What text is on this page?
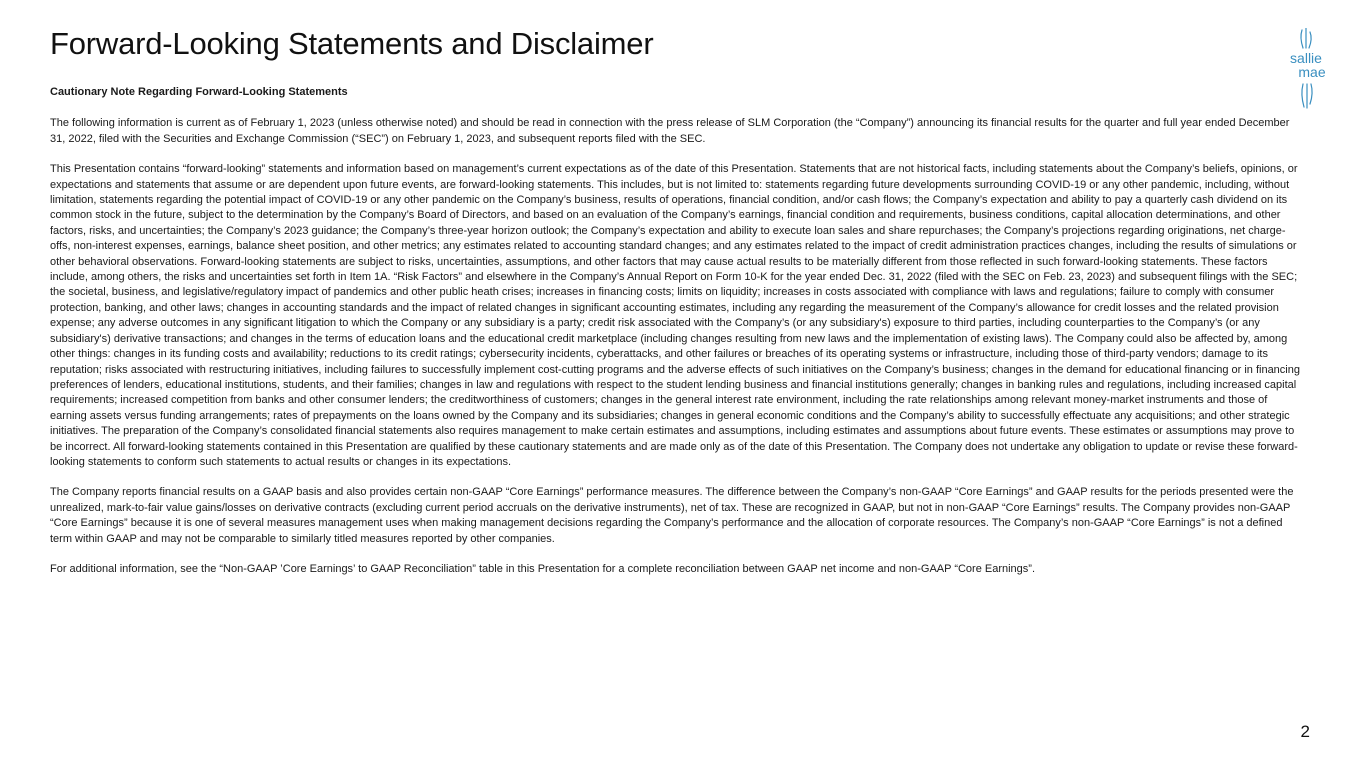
Forward-Looking Statements and Disclaimer	sallie
mae

Cautionary Note Regarding Forward-Looking Statements

The following information is current as of February 1, 2023 (unless otherwise noted) and should be read in connection with the press release of SLM Corporation (the “Company”) announcing its financial results for the quarter and full year ended December 31, 2022, filed with the Securities and Exchange Commission (“SEC”) on February 1, 2023, and subsequent reports filed with the SEC.

This Presentation contains “forward-looking” statements and information based on management’s current expectations as of the date of this Presentation. Statements that are not historical facts, including statements about the Company’s beliefs, opinions, or expectations and statements that assume or are dependent upon future events, are forward-looking statements. This includes, but is not limited to: statements regarding future developments surrounding COVID-19 or any other pandemic, including, without limitation, statements regarding the potential impact of COVID-19 or any other pandemic on the Company’s business, results of operations, financial condition, and/or cash flows; the Company’s expectation and ability to pay a quarterly cash dividend on its common stock in the future, subject to the determination by the Company’s Board of Directors, and based on an evaluation of the Company’s earnings, financial condition and requirements, business conditions, capital allocation determinations, and other factors, risks, and uncertainties; the Company’s 2023 guidance; the Company’s three-year horizon outlook; the Company’s expectation and ability to execute loan sales and share repurchases; the Company’s projections regarding originations, net charge-offs, non-interest expenses, earnings, balance sheet position, and other metrics; any estimates related to accounting standard changes; and any estimates related to the impact of credit administration practices changes, including the results of simulations or other behavioral observations. Forward-looking statements are subject to risks, uncertainties, assumptions, and other factors that may cause actual results to be materially different from those reflected in such forward-looking statements. These factors include, among others, the risks and uncertainties set forth in Item 1A. “Risk Factors” and elsewhere in the Company’s Annual Report on Form 10-K for the year ended Dec. 31, 2022 (filed with the SEC on Feb. 23, 2023) and subsequent filings with the SEC; the societal, business, and legislative/regulatory impact of pandemics and other public heath crises; increases in financing costs; limits on liquidity; increases in costs associated with compliance with laws and regulations; failure to comply with consumer protection, banking, and other laws; changes in accounting standards and the impact of related changes in significant accounting estimates, including any regarding the measurement of the Company’s allowance for credit losses and the related provision expense; any adverse outcomes in any significant litigation to which the Company or any subsidiary is a party; credit risk associated with the Company’s (or any subsidiary's) exposure to third parties, including counterparties to the Company’s (or any subsidiary's) derivative transactions; and changes in the terms of education loans and the educational credit marketplace (including changes resulting from new laws and the implementation of existing laws). The Company could also be affected by, among other things: changes in its funding costs and availability; reductions to its credit ratings; cybersecurity incidents, cyberattacks, and other failures or breaches of its operating systems or infrastructure, including those of third-party vendors; damage to its reputation; risks associated with restructuring initiatives, including failures to successfully implement cost-cutting programs and the adverse effects of such initiatives on the Company’s business; changes in the demand for educational financing or in financing preferences of lenders, educational institutions, students, and their families; changes in law and regulations with respect to the student lending business and financial institutions generally; changes in banking rules and regulations, including increased capital requirements; increased competition from banks and other consumer lenders; the creditworthiness of customers; changes in the general interest rate environment, including the rate relationships among relevant money-market instruments and those of earning assets versus funding arrangements; rates of prepayments on the loans owned by the Company and its subsidiaries; changes in general economic conditions and the Company’s ability to successfully effectuate any acquisitions; and other strategic initiatives. The preparation of the Company’s consolidated financial statements also requires management to make certain estimates and assumptions, including estimates and assumptions about future events. These estimates or assumptions may prove to be incorrect. All forward-looking statements contained in this Presentation are qualified by these cautionary statements and are made only as of the date of this Presentation. The Company does not undertake any obligation to update or revise these forward-looking statements to conform such statements to actual results or changes in its expectations.

The Company reports financial results on a GAAP basis and also provides certain non-GAAP “Core Earnings” performance measures. The difference between the Company’s non-GAAP “Core Earnings” and GAAP results for the periods presented were the unrealized, mark-to-fair value gains/losses on derivative contracts (excluding current period accruals on the derivative instruments), net of tax. These are recognized in GAAP, but not in non-GAAP “Core Earnings” results. The Company provides non-GAAP “Core Earnings” because it is one of several measures management uses when making management decisions regarding the Company’s performance and the allocation of corporate resources. The Company’s non-GAAP “Core Earnings” is not a defined term within GAAP and may not be comparable to similarly titled measures reported by other companies.

For additional information, see the “Non-GAAP ’Core Earnings’ to GAAP Reconciliation” table in this Presentation for a complete reconciliation between GAAP net income and non-GAAP “Core Earnings”.

2
